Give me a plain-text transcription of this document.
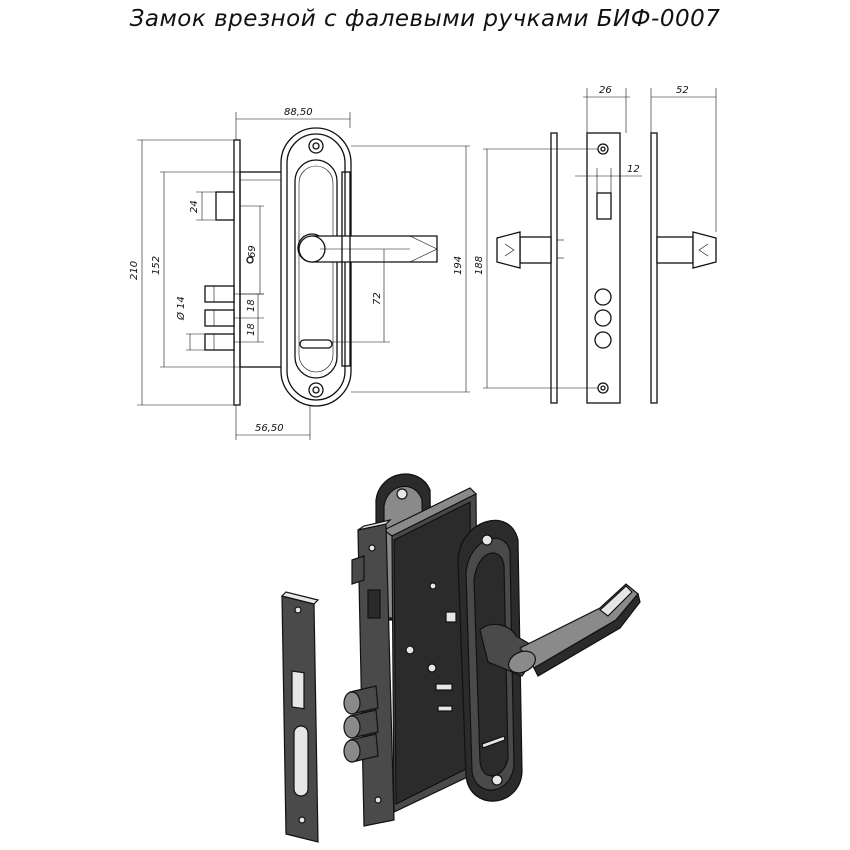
Замок врезной с фалевыми ручками БИФ-0007
88,50
56,50
210 152
24
69
Ø 14	18
18
72
194 188
26
12
52
